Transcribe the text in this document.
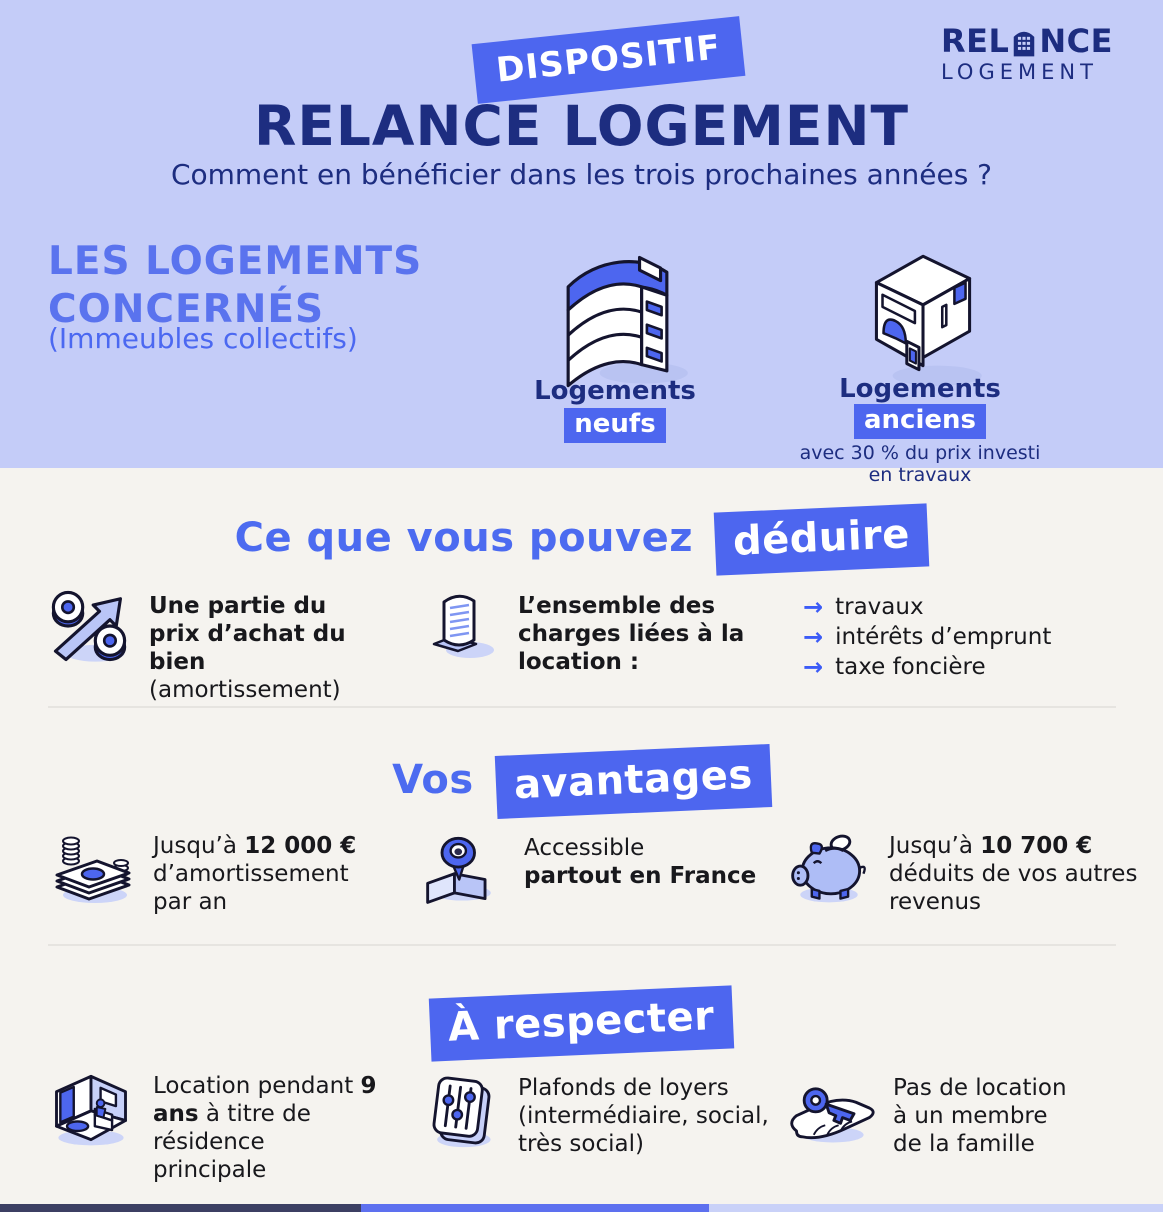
DISPOSITIF	REL NCE
LOGEMENT
RELANCE LOGEMENT

Comment en bénéficier dans les trois prochaines années ?

LES LOGEMENTS
CONCERNÉS
(Immeubles collectifs)
Logements
neufs
Logements anciens
avec 30 % du prix investi
en travaux
Ce que vous pouvez déduire

Une partie du prix d’achat du bien
(amortissement)

L’ensemble des charges liées à la location :

→ travaux
→ intérêts d’emprunt
→ taxe foncière
Vos avantages

Jusqu’à 12 000 € d’amortissement par an

Accessible
partout en France

Jusqu’à 10 700 € déduits de vos autres revenus

À respecter

Location pendant 9 ans à titre de résidence principale

Plafonds de loyers (intermédiaire, social, très social)

Pas de location à un membre de la famille
